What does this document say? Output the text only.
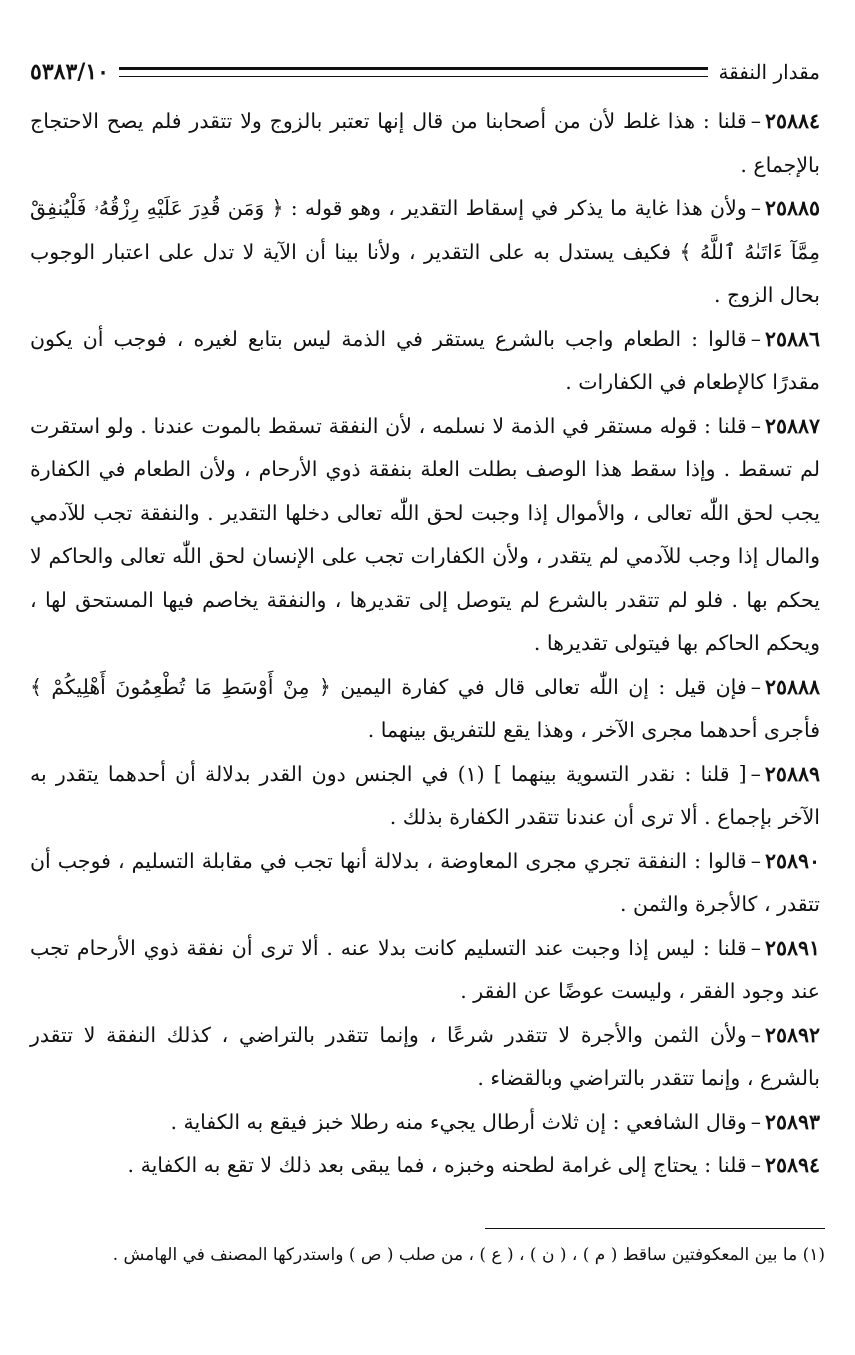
مقدار النفقة
٥٣٨٣/١٠

٢٥٨٨٤–قلنا : هذا غلط لأن من أصحابنا من قال إنها تعتبر بالزوج ولا تتقدر فلم يصح الاحتجاج بالإجماع .

٢٥٨٨٥–ولأن هذا غاية ما يذكر في إسقاط التقدير ، وهو قوله : ﴿ وَمَن قُدِرَ عَلَيْهِ رِزْقُهُۥ فَلْيُنفِقْ مِمَّآ ءَاتَىٰهُ ٱللَّهُ ﴾ فكيف يستدل به على التقدير ، ولأنا بينا أن الآية لا تدل على اعتبار الوجوب بحال الزوج .

٢٥٨٨٦–قالوا : الطعام واجب بالشرع يستقر في الذمة ليس بتابع لغيره ، فوجب أن يكون مقدرًا كالإطعام في الكفارات .

٢٥٨٨٧–قلنا : قوله مستقر في الذمة لا نسلمه ، لأن النفقة تسقط بالموت عندنا . ولو استقرت لم تسقط . وإذا سقط هذا الوصف بطلت العلة بنفقة ذوي الأرحام ، ولأن الطعام في الكفارة يجب لحق اللّٰه تعالى ، والأموال إذا وجبت لحق اللّٰه تعالى دخلها التقدير . والنفقة تجب للآدمي والمال إذا وجب للآدمي لم يتقدر ، ولأن الكفارات تجب على الإنسان لحق اللّٰه تعالى والحاكم لا يحكم بها . فلو لم تتقدر بالشرع لم يتوصل إلى تقديرها ، والنفقة يخاصم فيها المستحق لها ، ويحكم الحاكم بها فيتولى تقديرها .

٢٥٨٨٨–فإن قيل : إن اللّٰه تعالى قال في كفارة اليمين ﴿ مِنْ أَوْسَطِ مَا تُطْعِمُونَ أَهْلِيكُمْ ﴾ فأجرى أحدهما مجرى الآخر ، وهذا يقع للتفريق بينهما .

٢٥٨٨٩–[ قلنا : نقدر التسوية بينهما ] (١) في الجنس دون القدر بدلالة أن أحدهما يتقدر به الآخر بإجماع . ألا ترى أن عندنا تتقدر الكفارة بذلك .

٢٥٨٩٠–قالوا : النفقة تجري مجرى المعاوضة ، بدلالة أنها تجب في مقابلة التسليم ، فوجب أن تتقدر ، كالأجرة والثمن .

٢٥٨٩١–قلنا : ليس إذا وجبت عند التسليم كانت بدلا عنه . ألا ترى أن نفقة ذوي الأرحام تجب عند وجود الفقر ، وليست عوضًا عن الفقر .

٢٥٨٩٢–ولأن الثمن والأجرة لا تتقدر شرعًا ، وإنما تتقدر بالتراضي ، كذلك النفقة لا تتقدر بالشرع ، وإنما تتقدر بالتراضي وبالقضاء .

٢٥٨٩٣–وقال الشافعي : إن ثلاث أرطال يجيء منه رطلا خبز فيقع به الكفاية .

٢٥٨٩٤–قلنا : يحتاج إلى غرامة لطحنه وخبزه ، فما يبقى بعد ذلك لا تقع به الكفاية .

(١) ما بين المعكوفتين ساقط ( م ) ، ( ن ) ، ( ع ) ، من صلب ( ص ) واستدركها المصنف في الهامش .
